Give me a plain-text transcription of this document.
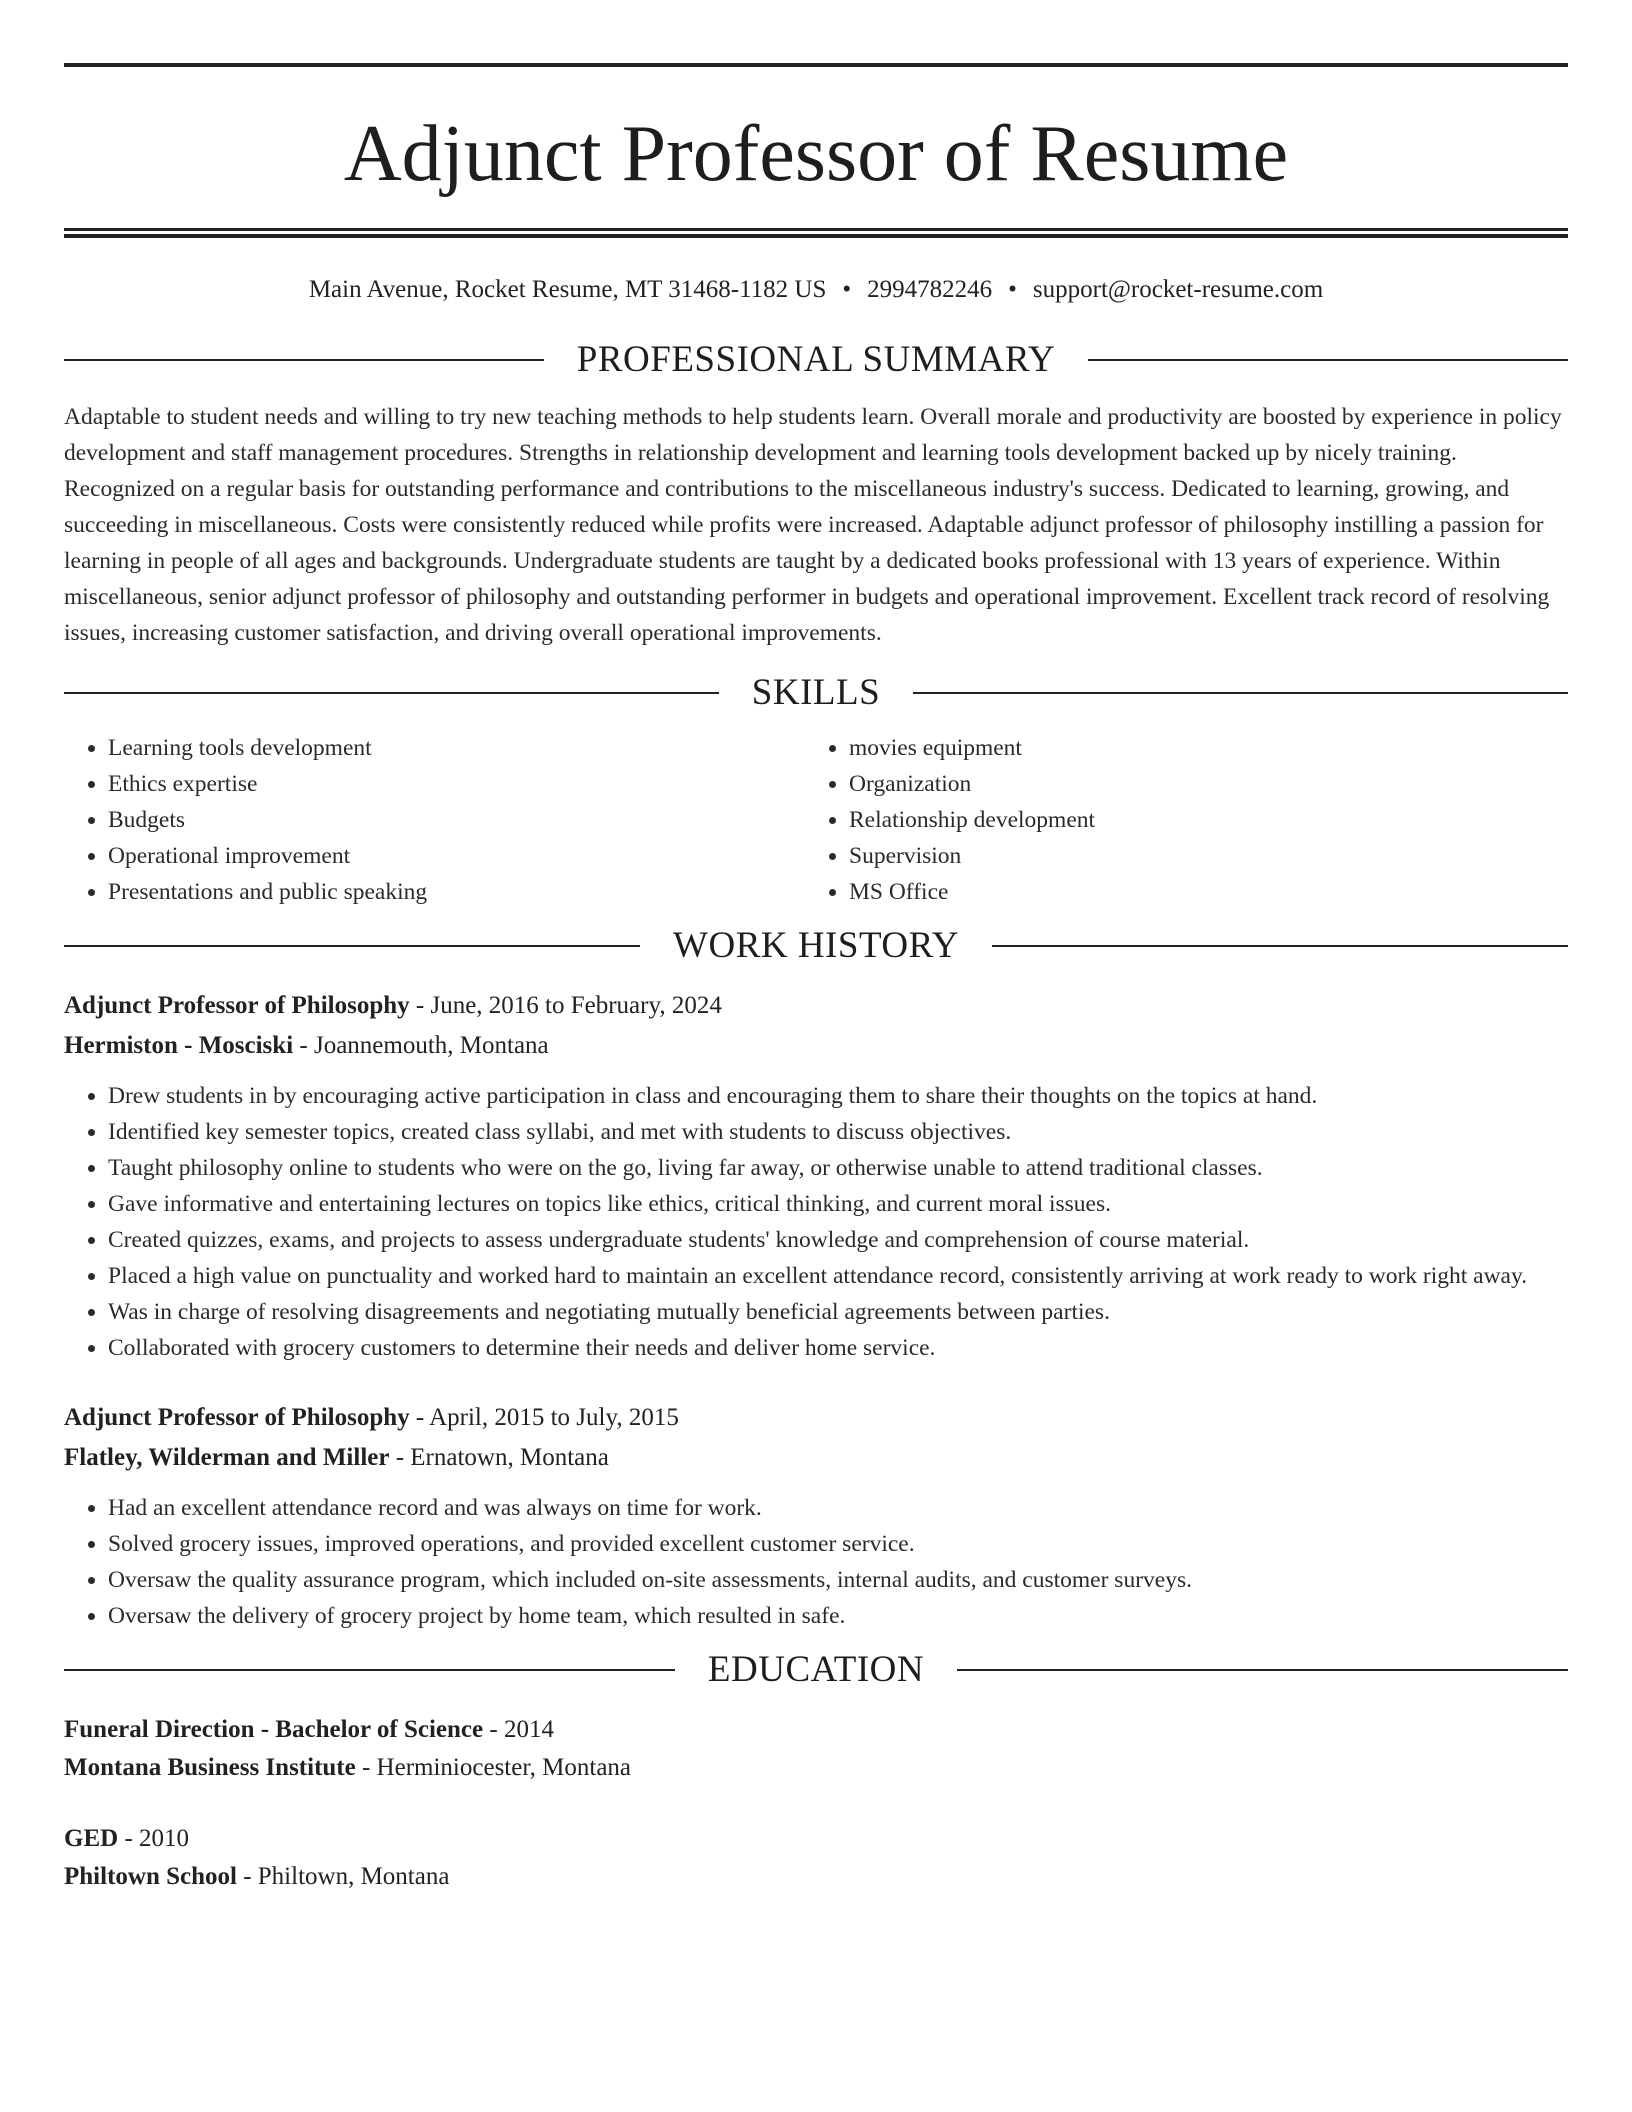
Adjunct Professor of Resume
Main Avenue, Rocket Resume, MT 31468-1182 US • 2994782246 • support@rocket-resume.com
PROFESSIONAL SUMMARY

Adaptable to student needs and willing to try new teaching methods to help students learn. Overall morale and productivity are boosted by experience in policy development and staff management procedures. Strengths in relationship development and learning tools development backed up by nicely training. Recognized on a regular basis for outstanding performance and contributions to the miscellaneous industry's success. Dedicated to learning, growing, and succeeding in miscellaneous. Costs were consistently reduced while profits were increased. Adaptable adjunct professor of philosophy instilling a passion for learning in people of all ages and backgrounds. Undergraduate students are taught by a dedicated books professional with 13 years of experience. Within miscellaneous, senior adjunct professor of philosophy and outstanding performer in budgets and operational improvement. Excellent track record of resolving issues, increasing customer satisfaction, and driving overall operational improvements.

SKILLS
• Learning tools development
• Ethics expertise
• Budgets
• Operational improvement
• Presentations and public speaking
• movies equipment
• Organization
• Relationship development
• Supervision
• MS Office
WORK HISTORY
Adjunct Professor of Philosophy - June, 2016 to February, 2024
Hermiston - Mosciski - Joannemouth, Montana
• Drew students in by encouraging active participation in class and encouraging them to share their thoughts on the topics at hand.
• Identified key semester topics, created class syllabi, and met with students to discuss objectives.
• Taught philosophy online to students who were on the go, living far away, or otherwise unable to attend traditional classes.
• Gave informative and entertaining lectures on topics like ethics, critical thinking, and current moral issues.
• Created quizzes, exams, and projects to assess undergraduate students' knowledge and comprehension of course material.
• Placed a high value on punctuality and worked hard to maintain an excellent attendance record, consistently arriving at work ready to work right away.
• Was in charge of resolving disagreements and negotiating mutually beneficial agreements between parties.
• Collaborated with grocery customers to determine their needs and deliver home service.
Adjunct Professor of Philosophy - April, 2015 to July, 2015
Flatley, Wilderman and Miller - Ernatown, Montana
• Had an excellent attendance record and was always on time for work.
• Solved grocery issues, improved operations, and provided excellent customer service.
• Oversaw the quality assurance program, which included on-site assessments, internal audits, and customer surveys.
• Oversaw the delivery of grocery project by home team, which resulted in safe.
EDUCATION
Funeral Direction - Bachelor of Science - 2014
Montana Business Institute - Herminiocester, Montana
GED - 2010
Philtown School - Philtown, Montana
